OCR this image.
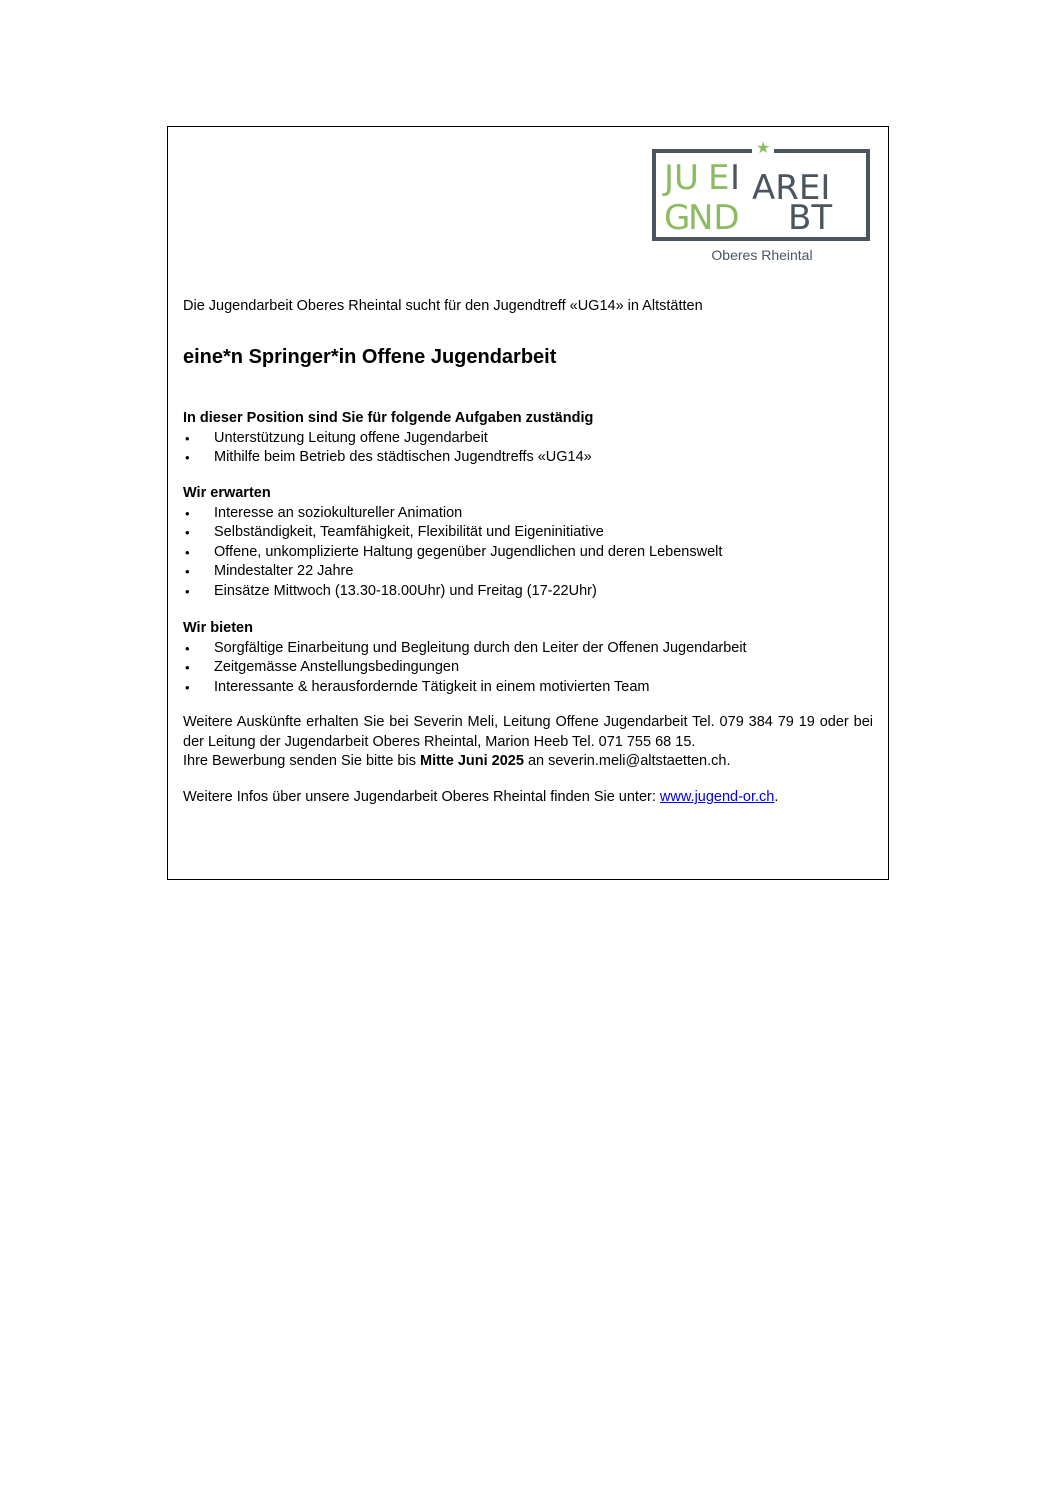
★
JU E I
G
ND
AREI
BT
Oberes Rheintal
Die Jugendarbeit Oberes Rheintal sucht für den Jugendtreff «UG14» in Altstätten
eine*n Springer*in Offene Jugendarbeit
In dieser Position sind Sie für folgende Aufgaben zuständig
• Unterstützung Leitung offene Jugendarbeit
• Mithilfe beim Betrieb des städtischen Jugendtreffs «UG14»
Wir erwarten
• Interesse an soziokultureller Animation
• Selbständigkeit, Teamfähigkeit, Flexibilität und Eigeninitiative
• Offene, unkomplizierte Haltung gegenüber Jugendlichen und deren Lebenswelt
• Mindestalter 22 Jahre
• Einsätze Mittwoch (13.30-18.00Uhr) und Freitag (17-22Uhr)
Wir bieten
• Sorgfältige Einarbeitung und Begleitung durch den Leiter der Offenen Jugendarbeit
• Zeitgemässe Anstellungsbedingungen
• Interessante & herausfordernde Tätigkeit in einem motivierten Team
Weitere Auskünfte erhalten Sie bei Severin Meli, Leitung Offene Jugendarbeit Tel. 079 384 79 19 oder bei der Leitung der Jugendarbeit Oberes Rheintal, Marion Heeb Tel. 071 755 68 15.
Ihre Bewerbung senden Sie bitte bis Mitte Juni 2025 an severin.meli@altstaetten.ch.
Weitere Infos über unsere Jugendarbeit Oberes Rheintal finden Sie unter: www.jugend-or.ch.
